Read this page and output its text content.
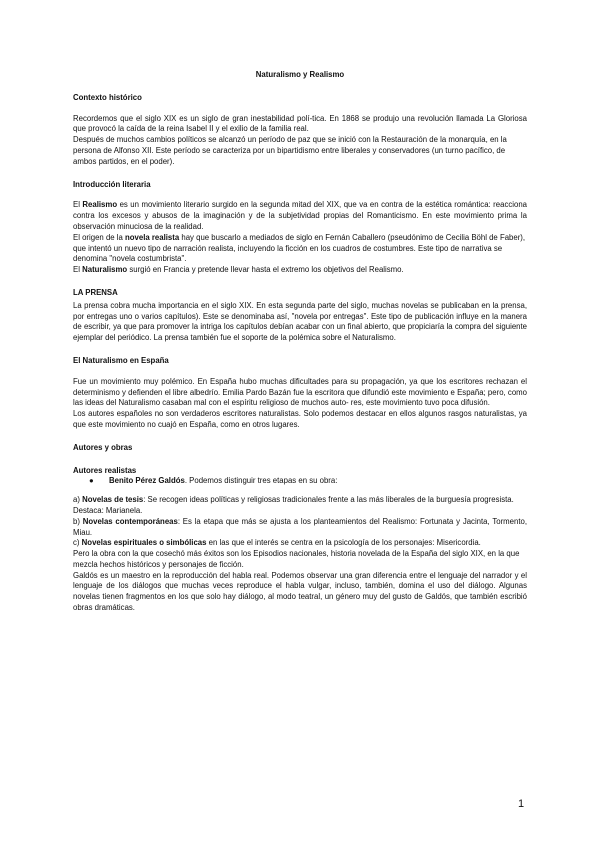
Naturalismo y Realismo

Contexto histórico

Recordemos que el siglo XIX es un siglo de gran inestabilidad polí-tica. En 1868 se produjo una revolución llamada La Gloriosa que provocó la caída de la reina Isabel II y el exilio de la familia real.

Después de muchos cambios políticos se alcanzó un período de paz que se inició con la Restauración de la monarquía, en la persona de Alfonso XII. Este período se caracteriza por un bipartidismo entre liberales y conservadores (un turno pacífico, de ambos partidos, en el poder).

Introducción literaria

El Realismo es un movimiento literario surgido en la segunda mitad del XIX, que va en contra de la estética romántica: reacciona contra los excesos y abusos de la imaginación y de la subjetividad propias del Romanticismo. En este movimiento prima la observación minuciosa de la realidad.

El origen de la novela realista hay que buscarlo a mediados de siglo en Fernán Caballero (pseudónimo de Cecilia Böhl de Faber), que intentó un nuevo tipo de narración realista, incluyendo la ficción en los cuadros de costumbres. Este tipo de narrativa se denomina "novela costumbrista".

El Naturalismo surgió en Francia y pretende llevar hasta el extremo los objetivos del Realismo.

LA PRENSA

La prensa cobra mucha importancia en el siglo XIX. En esta segunda parte del siglo, muchas novelas se publicaban en la prensa, por entregas uno o varios capítulos). Este se denominaba así, "novela por entregas". Este tipo de publicación influye en la manera de escribir, ya que para promover la intriga los capítulos debían acabar con un final abierto, que propiciaría la compra del siguiente ejemplar del periódico. La prensa también fue el soporte de la polémica sobre el Naturalismo.

El Naturalismo en España

Fue un movimiento muy polémico. En España hubo muchas dificultades para su propagación, ya que los escritores rechazan el determinismo y defienden el libre albedrío. Emilia Pardo Bazán fue la escritora que difundió este movimiento e España; pero, como las ideas del Naturalismo casaban mal con el espíritu religioso de muchos auto- res, este movimiento tuvo poca difusión.

Los autores españoles no son verdaderos escritores naturalistas. Solo podemos destacar en ellos algunos rasgos naturalistas, ya que este movimiento no cuajó en España, como en otros lugares.

Autores y obras

Autores realistas

● Benito Pérez Galdós. Podemos distinguir tres etapas en su obra:

a) Novelas de tesis: Se recogen ideas políticas y religiosas tradicionales frente a las más liberales de la burguesía progresista. Destaca: Marianela.

b) Novelas contemporáneas: Es la etapa que más se ajusta a los planteamientos del Realismo: Fortunata y Jacinta, Tormento, Miau.

c) Novelas espirituales o simbólicas en las que el interés se centra en la psicología de los personajes: Misericordia.

Pero la obra con la que cosechó más éxitos son los Episodios nacionales, historia novelada de la España del siglo XIX, en la que mezcla hechos históricos y personajes de ficción.

Galdós es un maestro en la reproducción del habla real. Podemos observar una gran diferencia entre el lenguaje del narrador y el lenguaje de los diálogos que muchas veces reproduce el habla vulgar, incluso, también, domina el uso del diálogo. Algunas novelas tienen fragmentos en los que solo hay diálogo, al modo teatral, un género muy del gusto de Galdós, que también escribió obras dramáticas.

1
